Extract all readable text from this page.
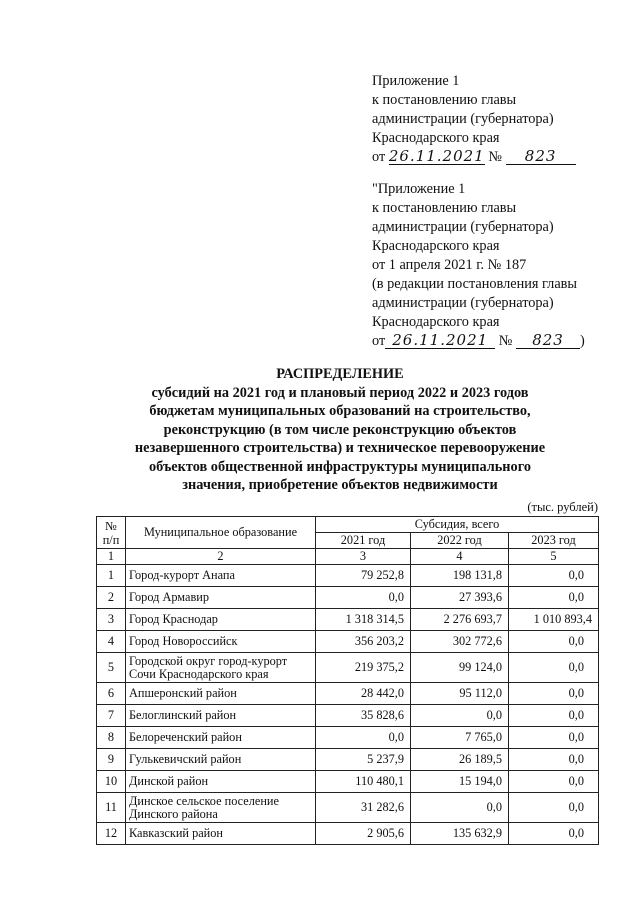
Приложение 1
к постановлению главы
администрации (губернатора)
Краснодарского края
от 26.11.2021 № 823
"Приложение 1
к постановлению главы
администрации (губернатора)
Краснодарского края
от 1 апреля 2021 г. № 187
(в редакции постановления главы
администрации (губернатора)
Краснодарского края
от 26.11.2021 № 823 )
РАСПРЕДЕЛЕНИЕ
субсидий на 2021 год и плановый период 2022 и 2023 годов
бюджетам муниципальных образований на строительство,
реконструкцию (в том числе реконструкцию объектов
незавершенного строительства) и техническое перевооружение
объектов общественной инфраструктуры муниципального
значения, приобретение объектов недвижимости
(тыс. рублей)
№
п/п	Муниципальное образование	Субсидия, всего		
		2021 год	2022 год	2023 год
1	2	3	4	5
1	Город-курорт Анапа	79 252,8	198 131,8	0,0
2	Город Армавир	0,0	27 393,6	0,0
3	Город Краснодар	1 318 314,5	2 276 693,7	1 010 893,4
4	Город Новороссийск	356 203,2	302 772,6	0,0
5	Городской округ город-курорт Сочи Краснодарского края	219 375,2	99 124,0	0,0
6	Апшеронский район	28 442,0	95 112,0	0,0
7	Белоглинский район	35 828,6	0,0	0,0
8	Белореченский район	0,0	7 765,0	0,0
9	Гулькевичский район	5 237,9	26 189,5	0,0
10	Динской район	110 480,1	15 194,0	0,0
11	Динское сельское поселение Динского района	31 282,6	0,0	0,0
12	Кавказский район	2 905,6	135 632,9	0,0
